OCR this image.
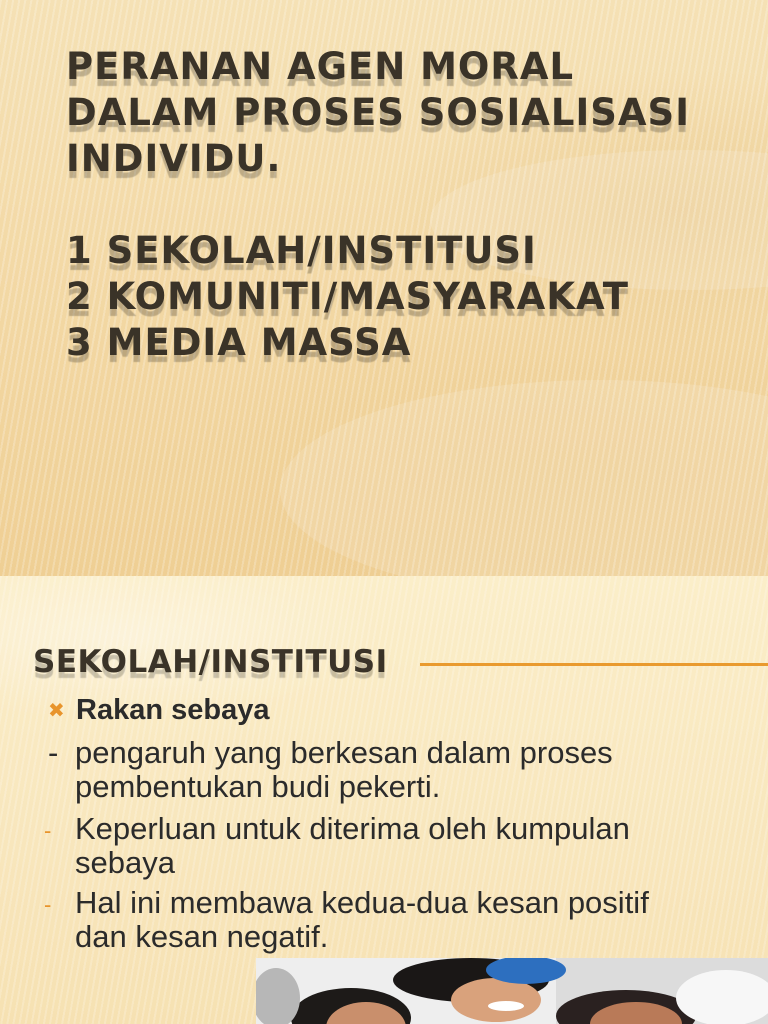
PERANAN AGEN MORAL
DALAM PROSES SOSIALISASI
INDIVIDU.
1 SEKOLAH/INSTITUSI
2 KOMUNITI/MASYARAKAT
3 MEDIA MASSA
SEKOLAH/INSTITUSI
✖ Rakan sebaya
- pengaruh yang berkesan dalam proses
pembentukan budi pekerti.
- Keperluan untuk diterima oleh kumpulan
sebaya
- Hal ini membawa kedua-dua kesan positif
dan kesan negatif.
